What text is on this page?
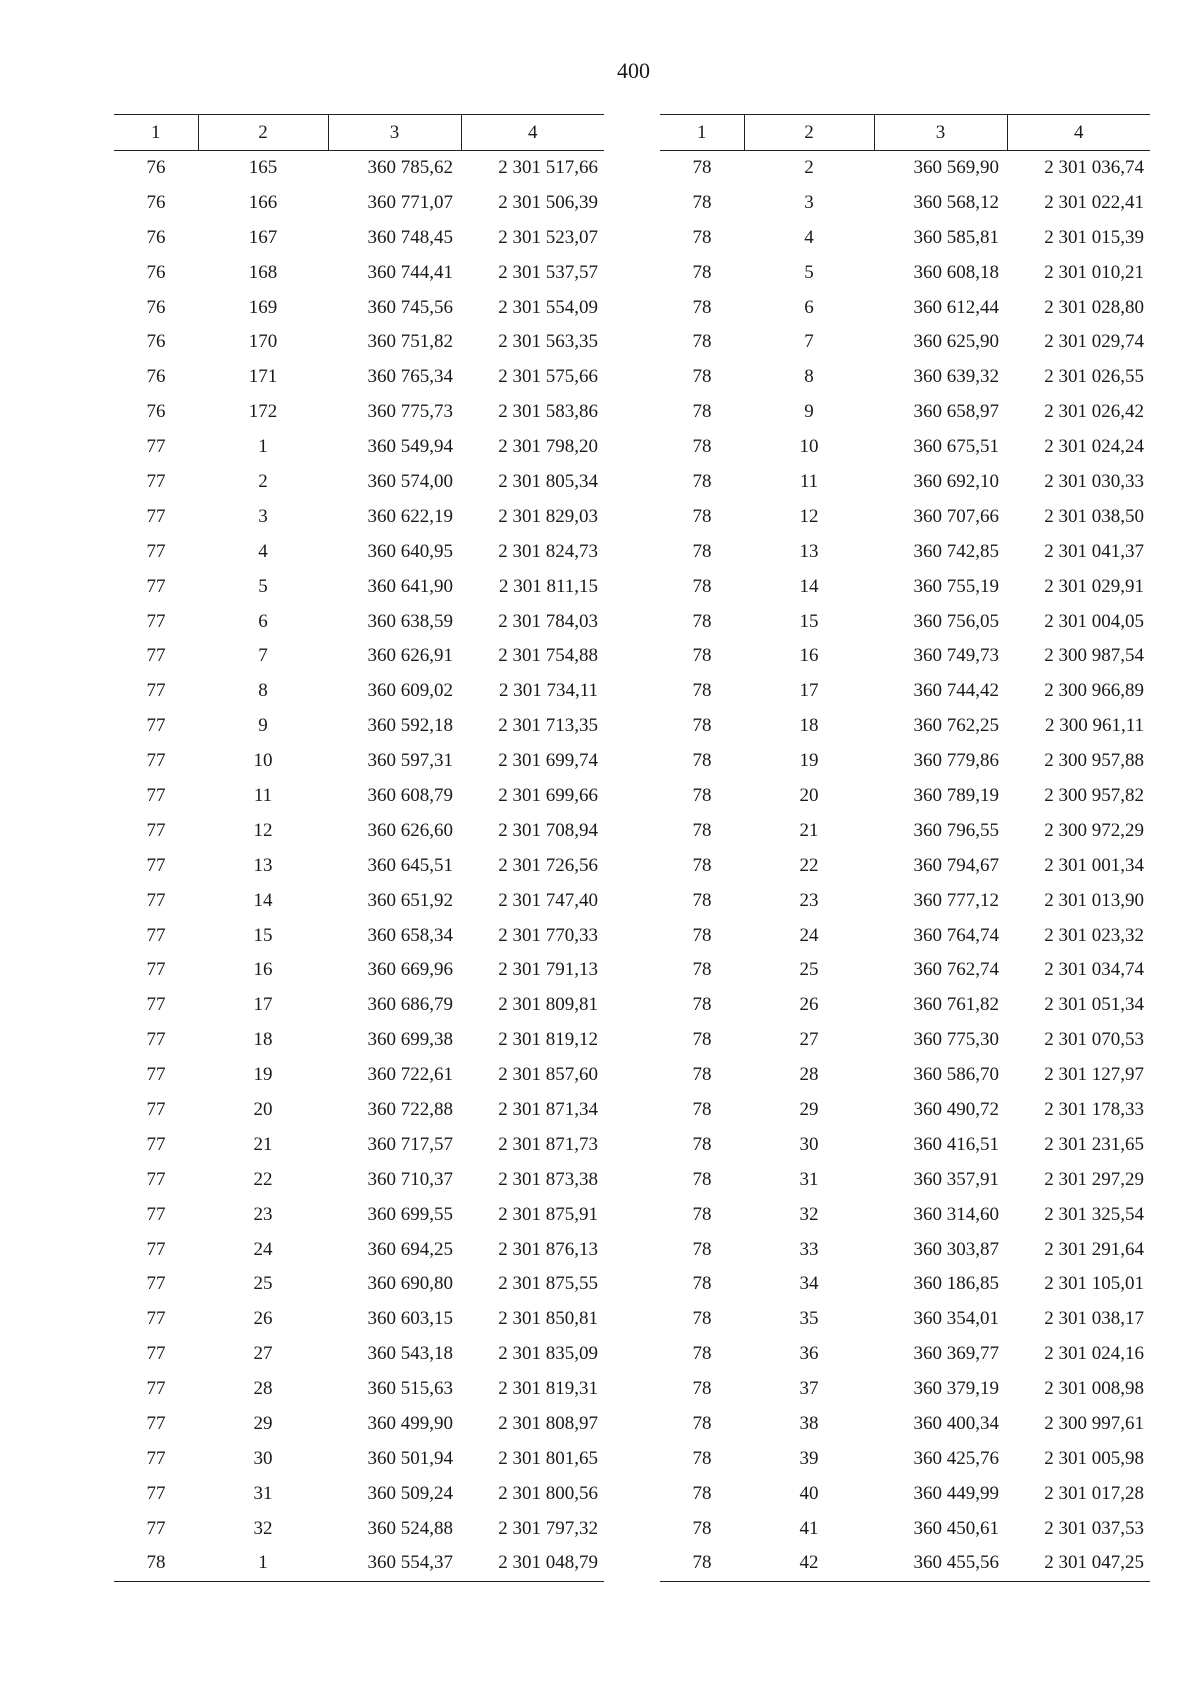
400
1	2	3	4
76	165	360 785,62	2 301 517,66
76	166	360 771,07	2 301 506,39
76	167	360 748,45	2 301 523,07
76	168	360 744,41	2 301 537,57
76	169	360 745,56	2 301 554,09
76	170	360 751,82	2 301 563,35
76	171	360 765,34	2 301 575,66
76	172	360 775,73	2 301 583,86
77	1	360 549,94	2 301 798,20
77	2	360 574,00	2 301 805,34
77	3	360 622,19	2 301 829,03
77	4	360 640,95	2 301 824,73
77	5	360 641,90	2 301 811,15
77	6	360 638,59	2 301 784,03
77	7	360 626,91	2 301 754,88
77	8	360 609,02	2 301 734,11
77	9	360 592,18	2 301 713,35
77	10	360 597,31	2 301 699,74
77	11	360 608,79	2 301 699,66
77	12	360 626,60	2 301 708,94
77	13	360 645,51	2 301 726,56
77	14	360 651,92	2 301 747,40
77	15	360 658,34	2 301 770,33
77	16	360 669,96	2 301 791,13
77	17	360 686,79	2 301 809,81
77	18	360 699,38	2 301 819,12
77	19	360 722,61	2 301 857,60
77	20	360 722,88	2 301 871,34
77	21	360 717,57	2 301 871,73
77	22	360 710,37	2 301 873,38
77	23	360 699,55	2 301 875,91
77	24	360 694,25	2 301 876,13
77	25	360 690,80	2 301 875,55
77	26	360 603,15	2 301 850,81
77	27	360 543,18	2 301 835,09
77	28	360 515,63	2 301 819,31
77	29	360 499,90	2 301 808,97
77	30	360 501,94	2 301 801,65
77	31	360 509,24	2 301 800,56
77	32	360 524,88	2 301 797,32
78	1	360 554,37	2 301 048,79
1	2	3	4
78	2	360 569,90	2 301 036,74
78	3	360 568,12	2 301 022,41
78	4	360 585,81	2 301 015,39
78	5	360 608,18	2 301 010,21
78	6	360 612,44	2 301 028,80
78	7	360 625,90	2 301 029,74
78	8	360 639,32	2 301 026,55
78	9	360 658,97	2 301 026,42
78	10	360 675,51	2 301 024,24
78	11	360 692,10	2 301 030,33
78	12	360 707,66	2 301 038,50
78	13	360 742,85	2 301 041,37
78	14	360 755,19	2 301 029,91
78	15	360 756,05	2 301 004,05
78	16	360 749,73	2 300 987,54
78	17	360 744,42	2 300 966,89
78	18	360 762,25	2 300 961,11
78	19	360 779,86	2 300 957,88
78	20	360 789,19	2 300 957,82
78	21	360 796,55	2 300 972,29
78	22	360 794,67	2 301 001,34
78	23	360 777,12	2 301 013,90
78	24	360 764,74	2 301 023,32
78	25	360 762,74	2 301 034,74
78	26	360 761,82	2 301 051,34
78	27	360 775,30	2 301 070,53
78	28	360 586,70	2 301 127,97
78	29	360 490,72	2 301 178,33
78	30	360 416,51	2 301 231,65
78	31	360 357,91	2 301 297,29
78	32	360 314,60	2 301 325,54
78	33	360 303,87	2 301 291,64
78	34	360 186,85	2 301 105,01
78	35	360 354,01	2 301 038,17
78	36	360 369,77	2 301 024,16
78	37	360 379,19	2 301 008,98
78	38	360 400,34	2 300 997,61
78	39	360 425,76	2 301 005,98
78	40	360 449,99	2 301 017,28
78	41	360 450,61	2 301 037,53
78	42	360 455,56	2 301 047,25
